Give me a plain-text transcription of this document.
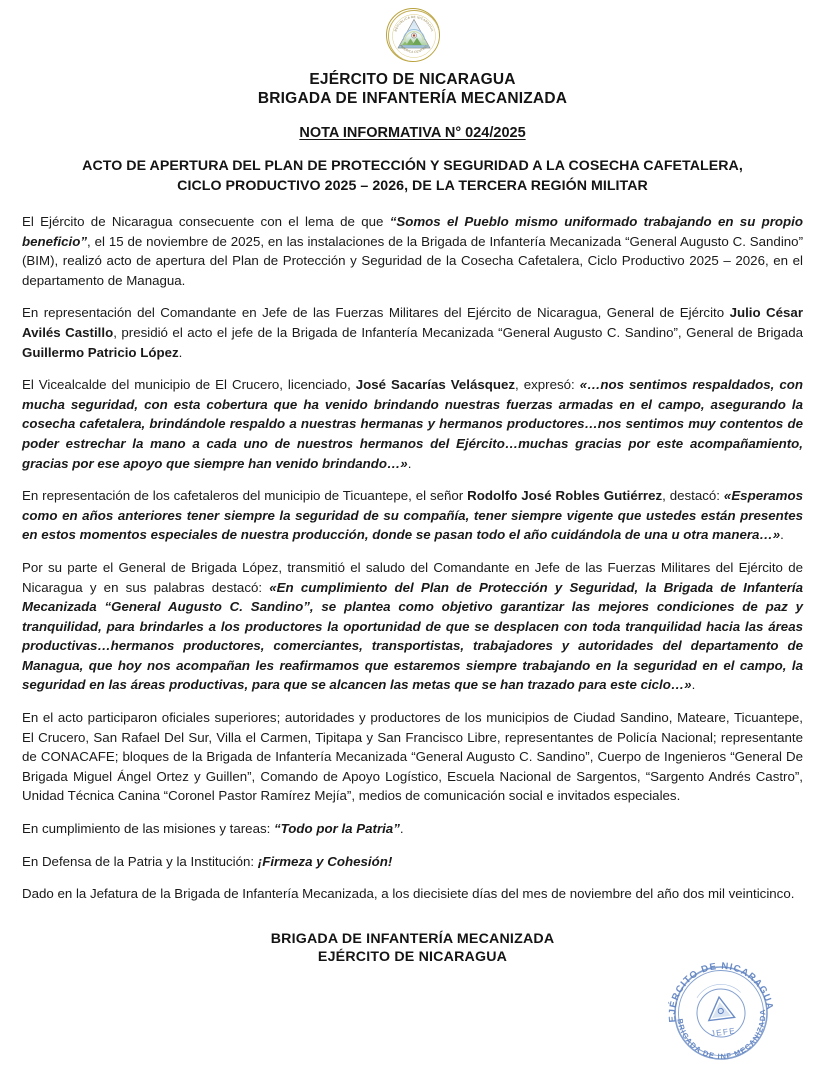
REPUBLICA DE NICARAGUA
AMERICA CENTRAL
EJÉRCITO DE NICARAGUA
BRIGADA DE INFANTERÍA MECANIZADA
NOTA INFORMATIVA N° 024/2025
ACTO DE APERTURA DEL PLAN DE PROTECCIÓN Y SEGURIDAD A LA COSECHA CAFETALERA,
CICLO PRODUCTIVO 2025 – 2026, DE LA TERCERA REGIÓN MILITAR

El Ejército de Nicaragua consecuente con el lema de que “Somos el Pueblo mismo uniformado trabajando en su propio beneficio”, el 15 de noviembre de 2025, en las instalaciones de la Brigada de Infantería Mecanizada “General Augusto C. Sandino” (BIM), realizó acto de apertura del Plan de Protección y Seguridad de la Cosecha Cafetalera, Ciclo Productivo 2025 – 2026, en el departamento de Managua.

En representación del Comandante en Jefe de las Fuerzas Militares del Ejército de Nicaragua, General de Ejército Julio César Avilés Castillo, presidió el acto el jefe de la Brigada de Infantería Mecanizada “General Augusto C. Sandino”, General de Brigada Guillermo Patricio López.

El Vicealcalde del municipio de El Crucero, licenciado, José Sacarías Velásquez, expresó: «…nos sentimos respaldados, con mucha seguridad, con esta cobertura que ha venido brindando nuestras fuerzas armadas en el campo, asegurando la cosecha cafetalera, brindándole respaldo a nuestras hermanas y hermanos productores…nos sentimos muy contentos de poder estrechar la mano a cada uno de nuestros hermanos del Ejército…muchas gracias por este acompañamiento, gracias por ese apoyo que siempre han venido brindando…».

En representación de los cafetaleros del municipio de Ticuantepe, el señor Rodolfo José Robles Gutiérrez, destacó: «Esperamos como en años anteriores tener siempre la seguridad de su compañía, tener siempre vigente que ustedes están presentes en estos momentos especiales de nuestra producción, donde se pasan todo el año cuidándola de una u otra manera…».

Por su parte el General de Brigada López, transmitió el saludo del Comandante en Jefe de las Fuerzas Militares del Ejército de Nicaragua y en sus palabras destacó: «En cumplimiento del Plan de Protección y Seguridad, la Brigada de Infantería Mecanizada “General Augusto C. Sandino”, se plantea como objetivo garantizar las mejores condiciones de paz y tranquilidad, para brindarles a los productores la oportunidad de que se desplacen con toda tranquilidad hacia las áreas productivas…hermanos productores, comerciantes, transportistas, trabajadores y autoridades del departamento de Managua, que hoy nos acompañan les reafirmamos que estaremos siempre trabajando en la seguridad en el campo, la seguridad en las áreas productivas, para que se alcancen las metas que se han trazado para este ciclo…».

En el acto participaron oficiales superiores; autoridades y productores de los municipios de Ciudad Sandino, Mateare, Ticuantepe, El Crucero, San Rafael Del Sur, Villa el Carmen, Tipitapa y San Francisco Libre, representantes de Policía Nacional; representante de CONACAFE; bloques de la Brigada de Infantería Mecanizada “General Augusto C. Sandino”, Cuerpo de Ingenieros “General De Brigada Miguel Ángel Ortez y Guillen”, Comando de Apoyo Logístico, Escuela Nacional de Sargentos, “Sargento Andrés Castro”, Unidad Técnica Canina “Coronel Pastor Ramírez Mejía”, medios de comunicación social e invitados especiales.

En cumplimiento de las misiones y tareas: “Todo por la Patria”.

En Defensa de la Patria y la Institución: ¡Firmeza y Cohesión!

Dado en la Jefatura de la Brigada de Infantería Mecanizada, a los diecisiete días del mes de noviembre del año dos mil veinticinco.

BRIGADA DE INFANTERÍA MECANIZADA
EJÉRCITO DE NICARAGUA
EJÉRCITO DE NICARAGUA
BRIGADA DE INF MECANIZADA
JEFE
